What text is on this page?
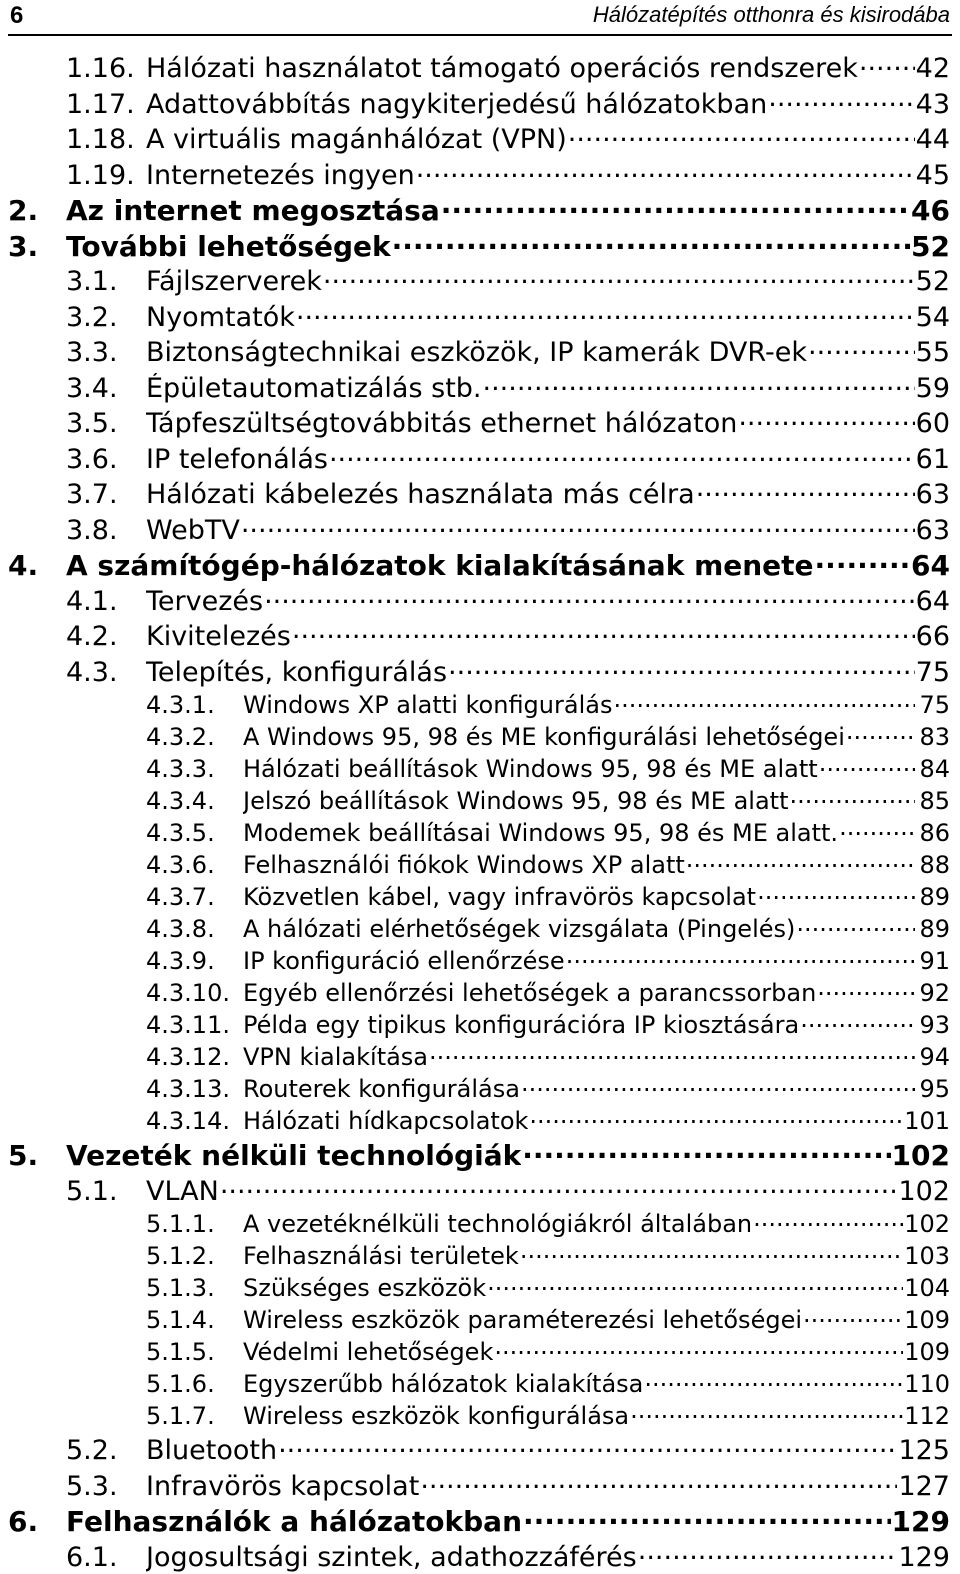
6	Hálózatépítés otthonra és kisirodába
1.16. Hálózati használatot támogató operációs rendszerek ..... 42
1.17. Adattovábbítás nagykiterjedésű hálózatokban .....	43
1.18. A virtuális magánhálózat (VPN) .....	44
1.19. Internetezés ingyen .....	45
2. Az internet megosztása .....	46
3. További lehetőségek .....	52
3.1.	Fájlszerverek .....	52
3.2.	Nyomtatók .....	54
3.3.	Biztonságtechnikai eszközök, IP kamerák DVR-ek .....	55
3.4.	Épületautomatizálás stb. .....	59
3.5.	Tápfeszültségtovábbitás ethernet hálózaton .....	60
3.6.	IP telefonálás .....	61
3.7.	Hálózati kábelezés használata más célra .....	63
3.8.	WebTV .....	63
4. A számítógép-hálózatok kialakításának menete .....	64
4.1.	Tervezés .....	64
4.2.	Kivitelezés .....	66
4.3.	Telepítés, konfigurálás .....	75
4.3.1.	Windows XP alatti konfigurálás .....	75
4.3.2.	A Windows 95, 98 és ME konfigurálási lehetőségei .....	83
4.3.3.	Hálózati beállítások Windows 95, 98 és ME alatt .....	84
4.3.4.	Jelszó beállítások Windows 95, 98 és ME alatt .....	85
4.3.5.	Modemek beállításai Windows 95, 98 és ME alatt. .....	86
4.3.6.	Felhasználói fiókok Windows XP alatt .....	88
4.3.7.	Közvetlen kábel, vagy infravörös kapcsolat .....	89
4.3.8.	A hálózati elérhetőségek vizsgálata (Pingelés) .....	89
4.3.9.	IP konfiguráció ellenőrzése .....	91
4.3.10. Egyéb ellenőrzési lehetőségek a parancssorban .....	92
4.3.11. Példa egy tipikus konfigurációra IP kiosztására .....	93
4.3.12. VPN kialakítása .....	94
4.3.13. Routerek konfigurálása .....	95
4.3.14. Hálózati hídkapcsolatok .....	101
5. Vezeték nélküli technológiák .....	102
5.1.	VLAN .....	102
5.1.1.	A vezetéknélküli technológiákról általában .....	102
5.1.2.	Felhasználási területek .....	103
5.1.3.	Szükséges eszközök .....	104
5.1.4.	Wireless eszközök paraméterezési lehetőségei .....	109
5.1.5.	Védelmi lehetőségek .....	109
5.1.6.	Egyszerűbb hálózatok kialakítása .....	110
5.1.7.	Wireless eszközök konfigurálása .....	112
5.2.	Bluetooth .....	125
5.3.	Infravörös kapcsolat .....	127
6. Felhasználók a hálózatokban .....	129
6.1.	Jogosultsági szintek, adathozzáférés .....	129
